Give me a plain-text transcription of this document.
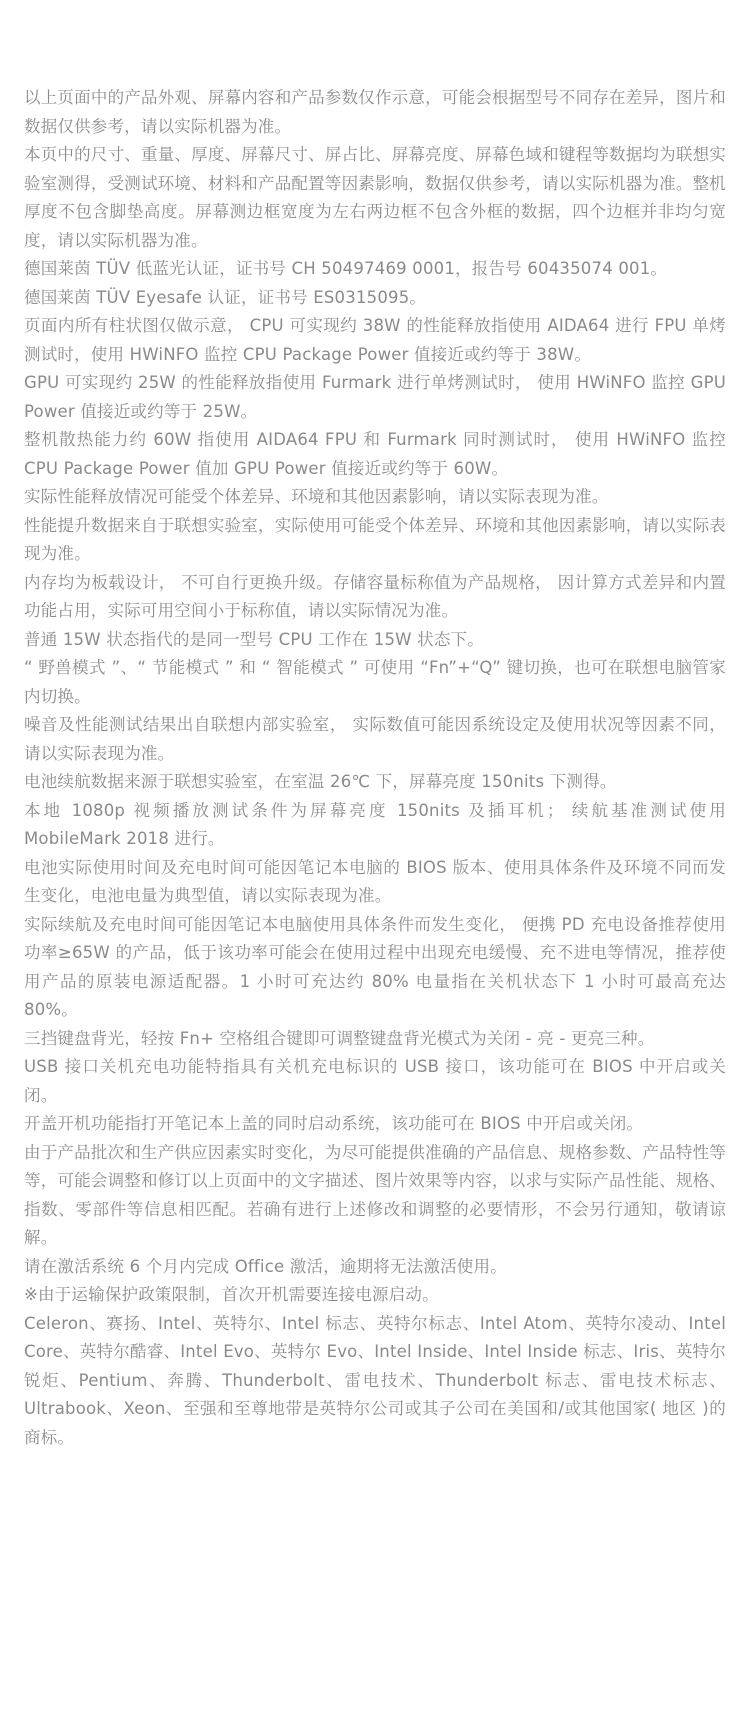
以上页面中的产品外观、屏幕内容和产品参数仅作示意，可能会根据型号不同存在差异，图片和数据仅供参考，请以实际机器为准。
本页中的尺寸、重量、厚度、屏幕尺寸、屏占比、屏幕亮度、屏幕色域和键程等数据均为联想实验室测得，受测试环境、材料和产品配置等因素影响，数据仅供参考，请以实际机器为准。整机厚度不包含脚垫高度。屏幕测边框宽度为左右两边框不包含外框的数据，四个边框并非均匀宽度，请以实际机器为准。
德国莱茵 TÜV 低蓝光认证，证书号 CH 50497469 0001，报告号 60435074 001。
德国莱茵 TÜV Eyesafe 认证，证书号 ES0315095。
页面内所有柱状图仅做示意， CPU 可实现约 38W 的性能释放指使用 AIDA64 进行 FPU 单烤测试时，使用 HWiNFO 监控 CPU Package Power 值接近或约等于 38W。
GPU 可实现约 25W 的性能释放指使用 Furmark 进行单烤测试时， 使用 HWiNFO 监控 GPU Power 值接近或约等于 25W。
整机散热能力约 60W 指使用 AIDA64 FPU 和 Furmark 同时测试时， 使用 HWiNFO 监控 CPU Package Power 值加 GPU Power 值接近或约等于 60W。
实际性能释放情况可能受个体差异、环境和其他因素影响，请以实际表现为准。
性能提升数据来自于联想实验室，实际使用可能受个体差异、环境和其他因素影响，请以实际表现为准。
内存均为板载设计， 不可自行更换升级。存储容量标称值为产品规格， 因计算方式差异和内置功能占用，实际可用空间小于标称值，请以实际情况为准。
普通 15W 状态指代的是同一型号 CPU 工作在 15W 状态下。
“ 野兽模式 ”、“ 节能模式 ” 和 “ 智能模式 ” 可使用 “Fn”+“Q” 键切换，也可在联想电脑管家内切换。
噪音及性能测试结果出自联想内部实验室， 实际数值可能因系统设定及使用状况等因素不同，请以实际表现为准。
电池续航数据来源于联想实验室，在室温 26℃ 下，屏幕亮度 150nits 下测得。
本地 1080p 视频播放测试条件为屏幕亮度 150nits 及插耳机； 续航基准测试使用 MobileMark 2018 进行。
电池实际使用时间及充电时间可能因笔记本电脑的 BIOS 版本、使用具体条件及环境不同而发生变化，电池电量为典型值，请以实际表现为准。
实际续航及充电时间可能因笔记本电脑使用具体条件而发生变化， 便携 PD 充电设备推荐使用功率≥65W 的产品，低于该功率可能会在使用过程中出现充电缓慢、充不进电等情况，推荐使用产品的原装电源适配器。1 小时可充达约 80% 电量指在关机状态下 1 小时可最高充达 80%。
三挡键盘背光，轻按 Fn+ 空格组合键即可调整键盘背光模式为关闭 - 亮 - 更亮三种。
USB 接口关机充电功能特指具有关机充电标识的 USB 接口，该功能可在 BIOS 中开启或关闭。
开盖开机功能指打开笔记本上盖的同时启动系统，该功能可在 BIOS 中开启或关闭。
由于产品批次和生产供应因素实时变化，为尽可能提供准确的产品信息、规格参数、产品特性等等，可能会调整和修订以上页面中的文字描述、图片效果等内容，以求与实际产品性能、规格、指数、零部件等信息相匹配。若确有进行上述修改和调整的必要情形，不会另行通知，敬请谅解。
请在激活系统 6 个月内完成 Office 激活，逾期将无法激活使用。
※由于运输保护政策限制，首次开机需要连接电源启动。
Celeron、赛扬、Intel、英特尔、Intel 标志、英特尔标志、Intel Atom、英特尔凌动、Intel Core、英特尔酷睿、Intel Evo、英特尔 Evo、Intel Inside、Intel Inside 标志、Iris、英特尔锐炬、Pentium、奔腾、Thunderbolt、雷电技术、Thunderbolt 标志、雷电技术标志、Ultrabook、Xeon、至强和至尊地带是英特尔公司或其子公司在美国和/或其他国家( 地区 )的商标。
